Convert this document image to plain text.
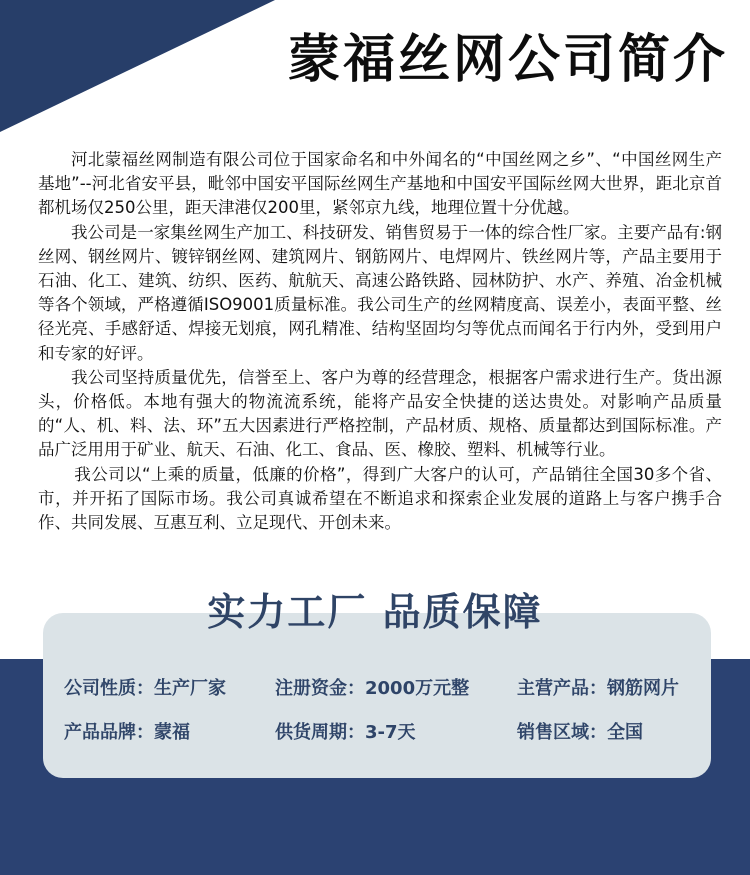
蒙福丝网公司简介

河北蒙福丝网制造有限公司位于国家命名和中外闻名的“中国丝网之乡”、“中国丝网生产基地”--河北省安平县，毗邻中国安平国际丝网生产基地和中国安平国际丝网大世界，距北京首都机场仅250公里，距天津港仅200里，紧邻京九线，地理位置十分优越。

我公司是一家集丝网生产加工、科技研发、销售贸易于一体的综合性厂家。主要产品有:钢丝网、钢丝网片、镀锌钢丝网、建筑网片、钢筋网片、电焊网片、铁丝网片等，产品主要用于石油、化工、建筑、纺织、医药、航航天、高速公路铁路、园林防护、水产、养殖、冶金机械等各个领域，严格遵循ISO9001质量标准。我公司生产的丝网精度高、误差小，表面平整、丝径光亮、手感舒适、焊接无划痕，网孔精准、结构坚固均匀等优点而闻名于行内外，受到用户和专家的好评。

我公司坚持质量优先，信誉至上、客户为尊的经营理念，根据客户需求进行生产。货出源头，价格低。本地有强大的物流流系统，能将产品安全快捷的送达贵处。对影响产品质量的“人、机、料、法、环”五大因素进行严格控制，产品材质、规格、质量都达到国际标准。产品广泛用用于矿业、航天、石油、化工、食品、医、橡胶、塑料、机械等行业。

我公司以“上乘的质量，低廉的价格”，得到广大客户的认可，产品销往全国30多个省、市，并开拓了国际市场。我公司真诚希望在不断追求和探索企业发展的道路上与客户携手合作、共同发展、互惠互利、立足现代、开创未来。

实力工厂 品质保障
公司性质：生产厂家	注册资金：2000万元整	主营产品：钢筋网片
产品品牌：蒙福	供货周期：3-7天	销售区域：全国
